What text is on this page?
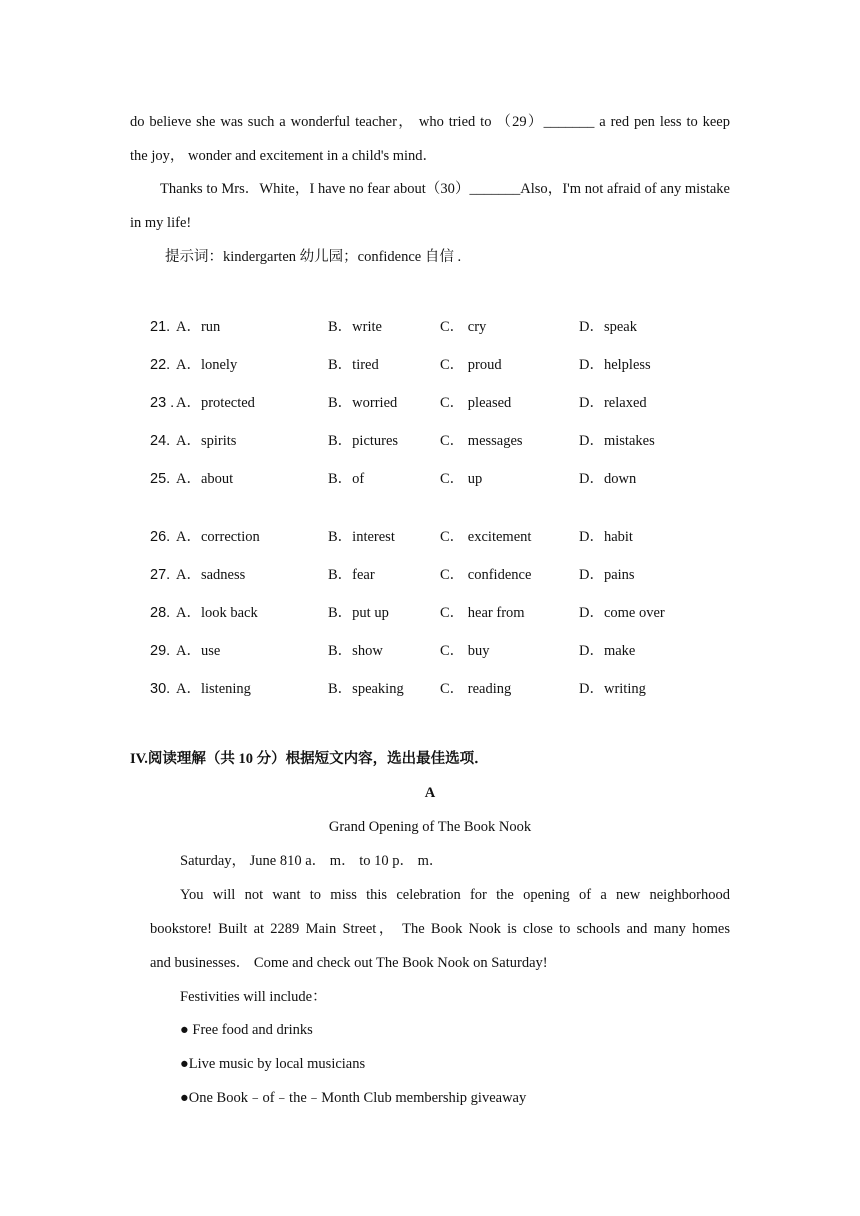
do believe she was such a wonderful teacher， who tried to （29）_______ a red pen less to keep
the joy， wonder and excitement in a child's mind．
Thanks to Mrs．White，I have no fear about（30）_______Also，I'm not afraid of any mistake
in my life!
提示词：kindergarten 幼儿园；confidence 自信 .
21. A．run	B．write	C． cry	D．speak
22. A．lonely	B．tired	C． proud	D．helpless
23 . A．protected	B．worried	C． pleased	D．relaxed
24. A．spirits	B．pictures	C． messages	D．mistakes
25. A．about	B．of	C． up	D．down
26. A．correction	B．interest	C． excitement	D．habit
27. A．sadness	B．fear	C． confidence	D．pains
28. A．look back	B．put up	C． hear from	D．come over
29. A．use	B．show	C． buy	D．make
30. A．listening	B．speaking	C． reading	D．writing
IV.阅读理解（共 10 分）根据短文内容，选出最佳选项．
A
Grand Opening of The Book Nook
Saturday， June 810 a． m． to 10 p． m．
You will not want to miss this celebration for the opening of a new neighborhood
bookstore! Built at 2289 Main Street， The Book Nook is close to schools and many homes
and businesses． Come and check out The Book Nook on Saturday!
Festivities will include：
● Free food and drinks
●Live music by local musicians
●One Book﹣of﹣the﹣Month Club membership giveaway
